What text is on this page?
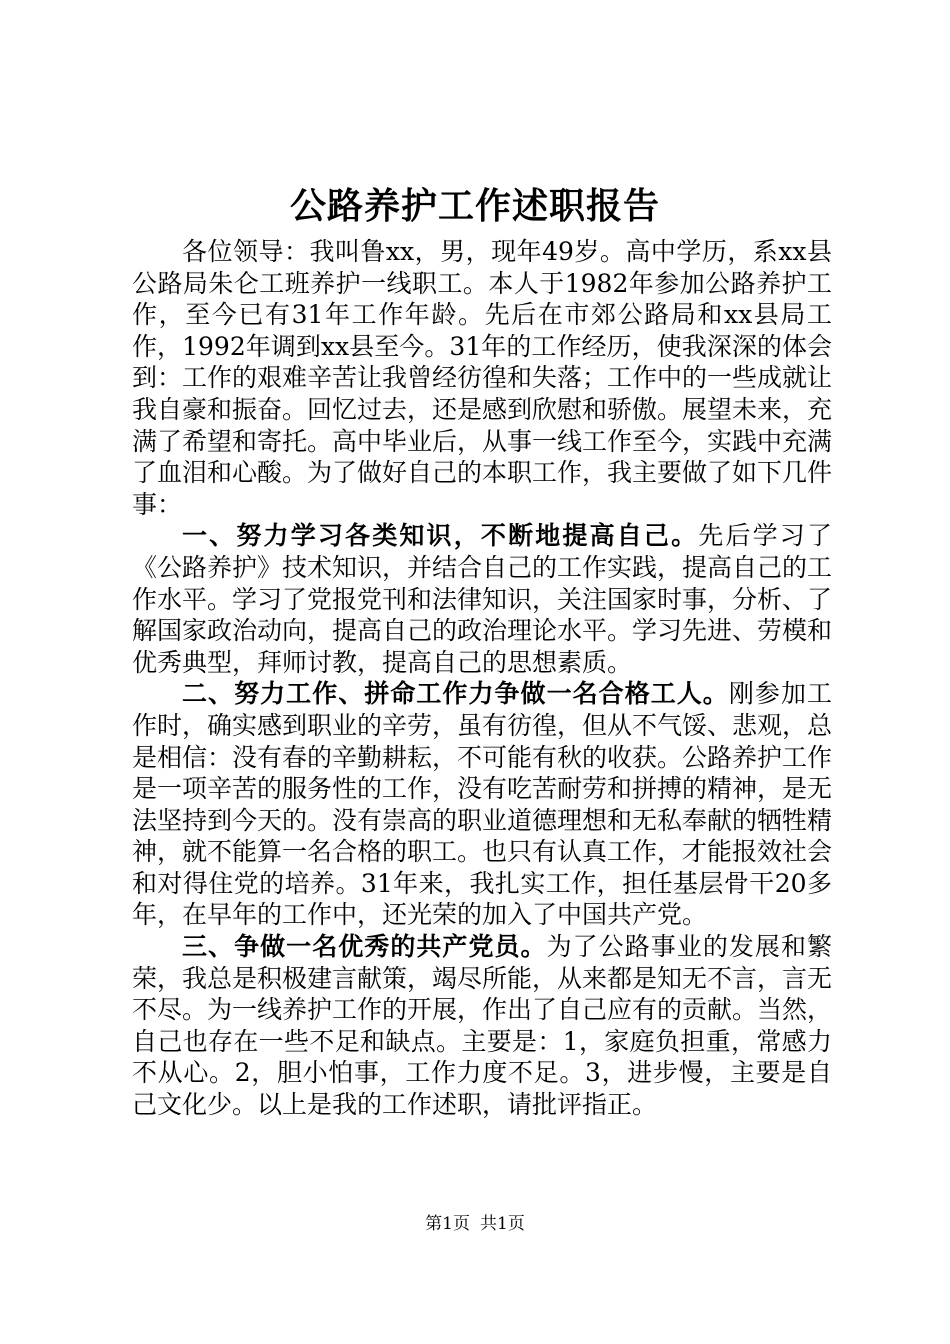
公路养护工作述职报告

各位领导：我叫鲁xx，男，现年49岁。高中学历，系xx县公路局朱仑工班养护一线职工。本人于1982年参加公路养护工作，至今已有31年工作年龄。先后在市郊公路局和xx县局工作，1992年调到xx县至今。31年的工作经历，使我深深的体会到：工作的艰难辛苦让我曾经彷徨和失落；工作中的一些成就让我自豪和振奋。回忆过去，还是感到欣慰和骄傲。展望未来，充满了希望和寄托。高中毕业后，从事一线工作至今，实践中充满了血泪和心酸。为了做好自己的本职工作，我主要做了如下几件事：

一、努力学习各类知识，不断地提高自己。先后学习了《公路养护》技术知识，并结合自己的工作实践，提高自己的工作水平。学习了党报党刊和法律知识，关注国家时事，分析、了解国家政治动向，提高自己的政治理论水平。学习先进、劳模和优秀典型，拜师讨教，提高自己的思想素质。

二、努力工作、拼命工作力争做一名合格工人。刚参加工作时，确实感到职业的辛劳，虽有彷徨，但从不气馁、悲观，总是相信：没有春的辛勤耕耘，不可能有秋的收获。公路养护工作是一项辛苦的服务性的工作，没有吃苦耐劳和拼搏的精神，是无法坚持到今天的。没有崇高的职业道德理想和无私奉献的牺牲精神，就不能算一名合格的职工。也只有认真工作，才能报效社会和对得住党的培养。31年来，我扎实工作，担任基层骨干20多年，在早年的工作中，还光荣的加入了中国共产党。

三、争做一名优秀的共产党员。为了公路事业的发展和繁荣，我总是积极建言献策，竭尽所能，从来都是知无不言，言无不尽。为一线养护工作的开展，作出了自己应有的贡献。当然，自己也存在一些不足和缺点。主要是：1，家庭负担重，常感力不从心。2，胆小怕事，工作力度不足。3，进步慢，主要是自己文化少。以上是我的工作述职，请批评指正。

第1页 共1页
